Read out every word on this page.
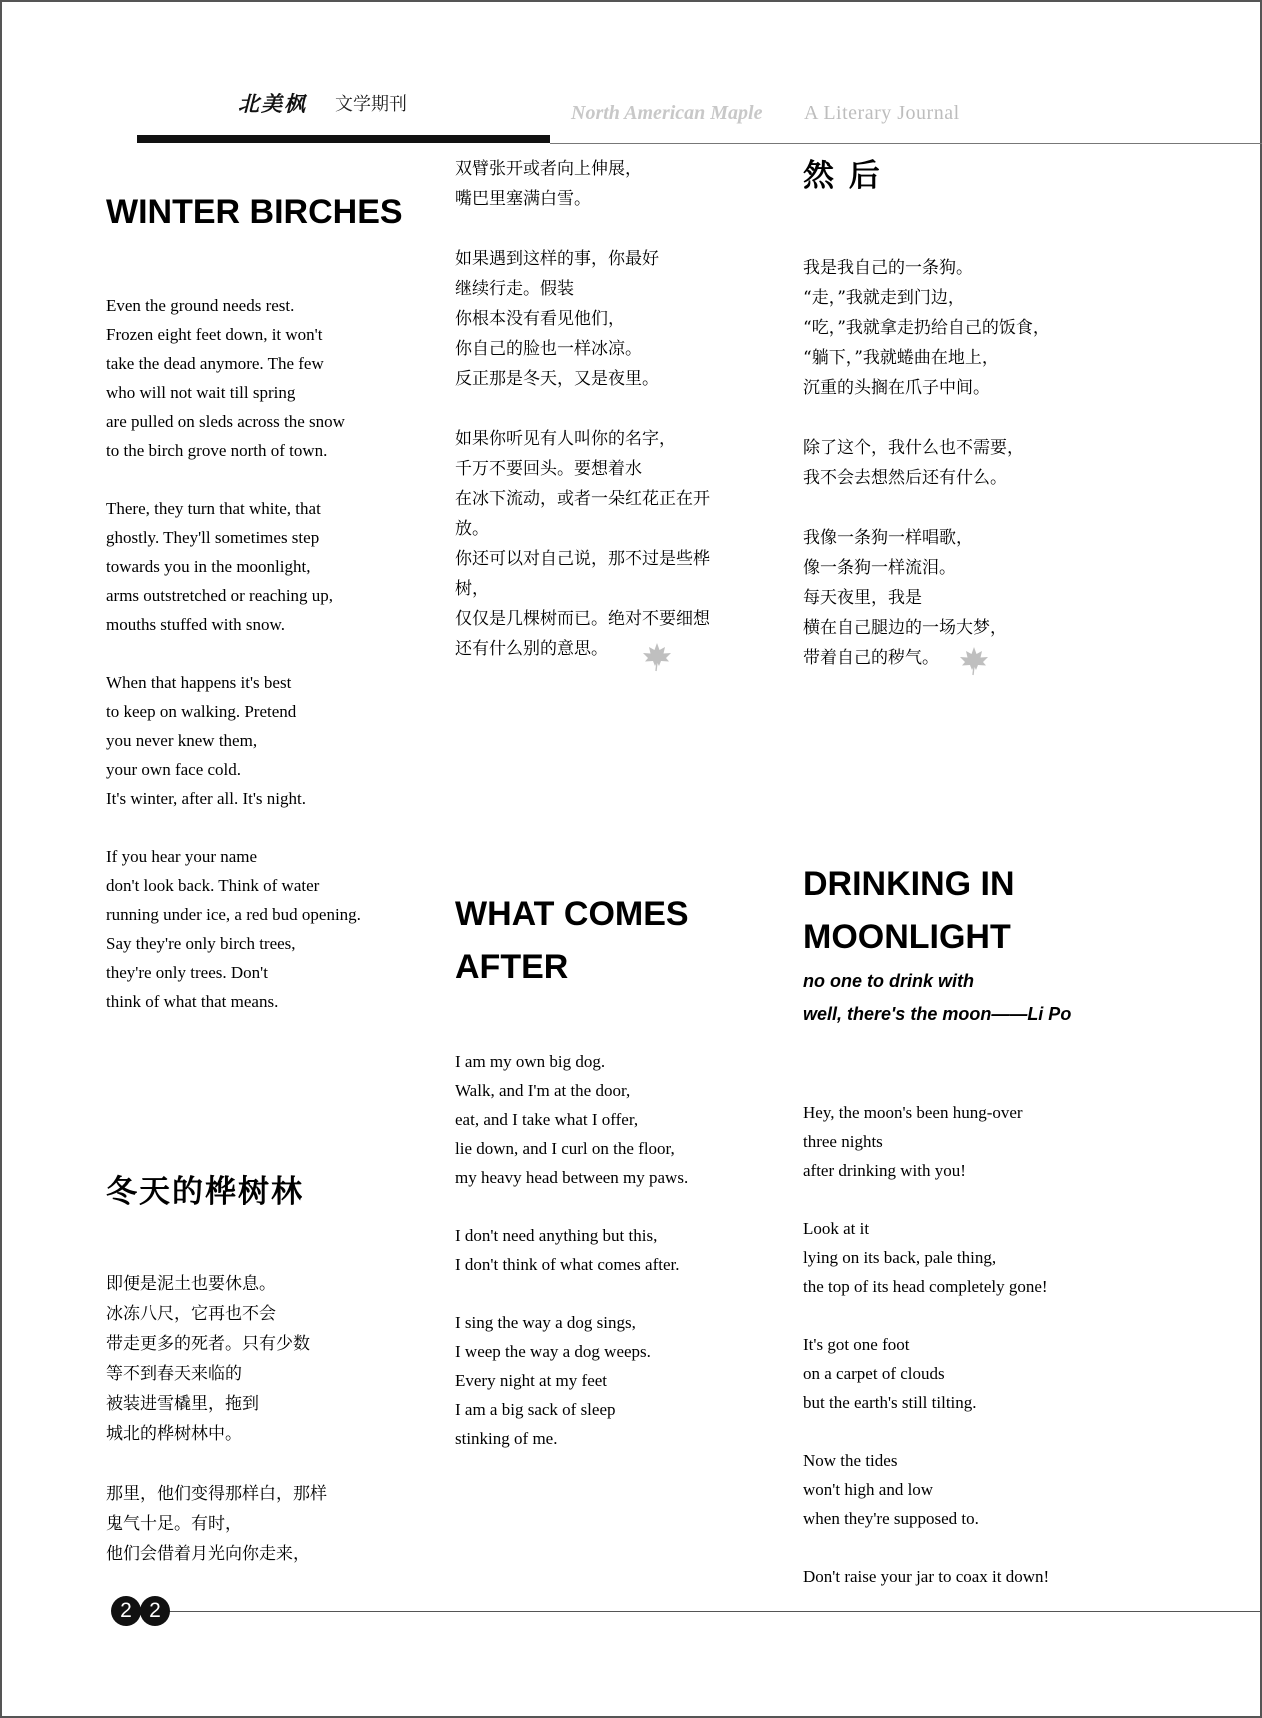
北美枫 文学期刊	North American Maple A Literary Journal
WINTER BIRCHES
Even the ground needs rest.
Frozen eight feet down, it won't
take the dead anymore. The few
who will not wait till spring
are pulled on sleds across the snow
to the birch grove north of town.
There, they turn that white, that
ghostly. They'll sometimes step
towards you in the moonlight,
arms outstretched or reaching up,
mouths stuffed with snow.
When that happens it's best
to keep on walking. Pretend
you never knew them,
your own face cold.
It's winter, after all. It's night.
If you hear your name
don't look back. Think of water
running under ice, a red bud opening.
Say they're only birch trees,
they're only trees. Don't
think of what that means.
冬天的桦树林
即便是泥土也要休息。
冰冻八尺，它再也不会
带走更多的死者。只有少数
等不到春天来临的
被装进雪橇里，拖到
城北的桦树林中。
那里，他们变得那样白，那样
鬼气十足。有时，
他们会借着月光向你走来，
双臂张开或者向上伸展，
嘴巴里塞满白雪。
如果遇到这样的事，你最好
继续行走。假装
你根本没有看见他们，
你自己的脸也一样冰凉。
反正那是冬天，又是夜里。
如果你听见有人叫你的名字，
千万不要回头。要想着水
在冰下流动，或者一朵红花正在开
放。
你还可以对自己说，那不过是些桦
树，
仅仅是几棵树而已。绝对不要细想
还有什么别的意思。
WHAT COMES
AFTER
I am my own big dog.
Walk, and I'm at the door,
eat, and I take what I offer,
lie down, and I curl on the floor,
my heavy head between my paws.
I don't need anything but this,
I don't think of what comes after.
I sing the way a dog sings,
I weep the way a dog weeps.
Every night at my feet
I am a big sack of sleep
stinking of me.
然 后
我是我自己的一条狗。
“走，”我就走到门边，
“吃，”我就拿走扔给自己的饭食，
“躺下，”我就蜷曲在地上，
沉重的头搁在爪子中间。
除了这个，我什么也不需要，
我不会去想然后还有什么。
我像一条狗一样唱歌，
像一条狗一样流泪。
每天夜里，我是
横在自己腿边的一场大梦，
带着自己的秽气。
DRINKING IN
MOONLIGHT
no one to drink with
well, there's the moon——Li Po
Hey, the moon's been hung-over
three nights
after drinking with you!
Look at it
lying on its back, pale thing,
the top of its head completely gone!
It's got one foot
on a carpet of clouds
but the earth's still tilting.
Now the tides
won't high and low
when they're supposed to.
Don't raise your jar to coax it down!
2 2
